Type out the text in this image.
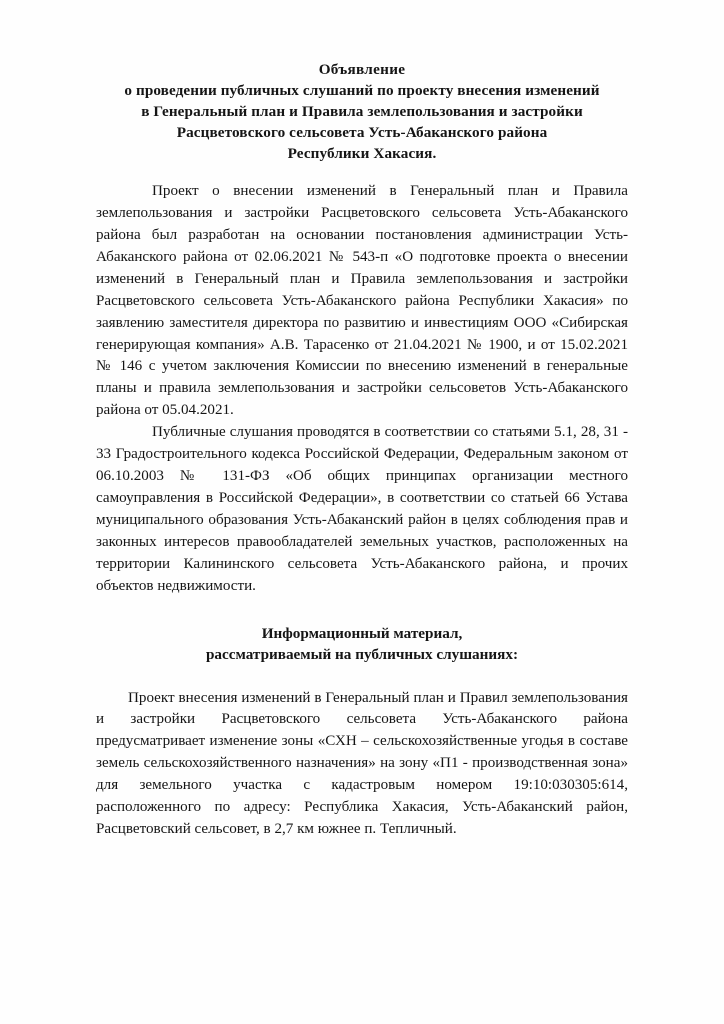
Объявление
о проведении публичных слушаний по проекту внесения изменений
в Генеральный план и Правила землепользования и застройки
Расцветовского сельсовета Усть-Абаканского района
Республики Хакасия.

Проект о внесении изменений в Генеральный план и Правила землепользования и застройки Расцветовского сельсовета Усть-Абаканского района был разработан на основании постановления администрации Усть-Абаканского района от 02.06.2021 № 543-п «О подготовке проекта о внесении изменений в Генеральный план и Правила землепользования и застройки Расцветовского сельсовета Усть-Абаканского района Республики Хакасия» по заявлению заместителя директора по развитию и инвестициям ООО «Сибирская генерирующая компания» А.В. Тарасенко от 21.04.2021 № 1900, и от 15.02.2021 № 146 с учетом заключения Комиссии по внесению изменений в генеральные планы и правила землепользования и застройки сельсоветов Усть-Абаканского района от 05.04.2021.

Публичные слушания проводятся в соответствии со статьями 5.1, 28, 31 - 33 Градостроительного кодекса Российской Федерации, Федеральным законом от 06.10.2003 № 131-ФЗ «Об общих принципах организации местного самоуправления в Российской Федерации», в соответствии со статьей 66 Устава муниципального образования Усть-Абаканский район в целях соблюдения прав и законных интересов правообладателей земельных участков, расположенных на территории Калининского сельсовета Усть-Абаканского района, и прочих объектов недвижимости.

Информационный материал,
рассматриваемый на публичных слушаниях:

Проект внесения изменений в Генеральный план и Правил землепользования и застройки Расцветовского сельсовета Усть-Абаканского района предусматривает изменение зоны «СХН – сельскохозяйственные угодья в составе земель сельскохозяйственного назначения» на зону «П1 - производственная зона» для земельного участка с кадастровым номером 19:10:030305:614, расположенного по адресу: Республика Хакасия, Усть-Абаканский район, Расцветовский сельсовет, в 2,7 км южнее п. Тепличный.
